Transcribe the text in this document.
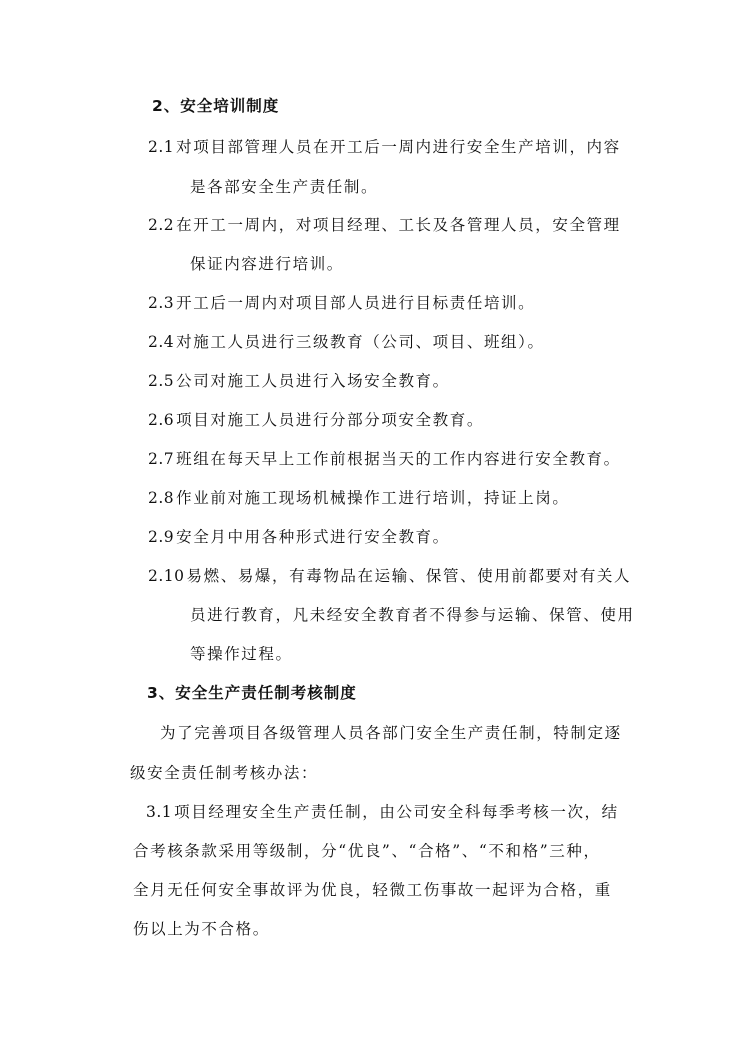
2、安全培训制度
2.1 对项目部管理人员在开工后一周内进行安全生产培训，内容
是各部安全生产责任制。
2.2 在开工一周内，对项目经理、工长及各管理人员，安全管理
保证内容进行培训。
2.3 开工后一周内对项目部人员进行目标责任培训。
2.4 对施工人员进行三级教育（公司、项目、班组）。
2.5 公司对施工人员进行入场安全教育。
2.6 项目对施工人员进行分部分项安全教育。
2.7 班组在每天早上工作前根据当天的工作内容进行安全教育。
2.8 作业前对施工现场机械操作工进行培训，持证上岗。
2.9 安全月中用各种形式进行安全教育。
2.10 易燃、易爆，有毒物品在运输、保管、使用前都要对有关人
员进行教育，凡未经安全教育者不得参与运输、保管、使用
等操作过程。
3、安全生产责任制考核制度
为了完善项目各级管理人员各部门安全生产责任制，特制定逐
级安全责任制考核办法：
3.1 项目经理安全生产责任制，由公司安全科每季考核一次，结
合考核条款采用等级制，分“优良”、“合格”、“不和格”三种，
全月无任何安全事故评为优良，轻微工伤事故一起评为合格，重
伤以上为不合格。
